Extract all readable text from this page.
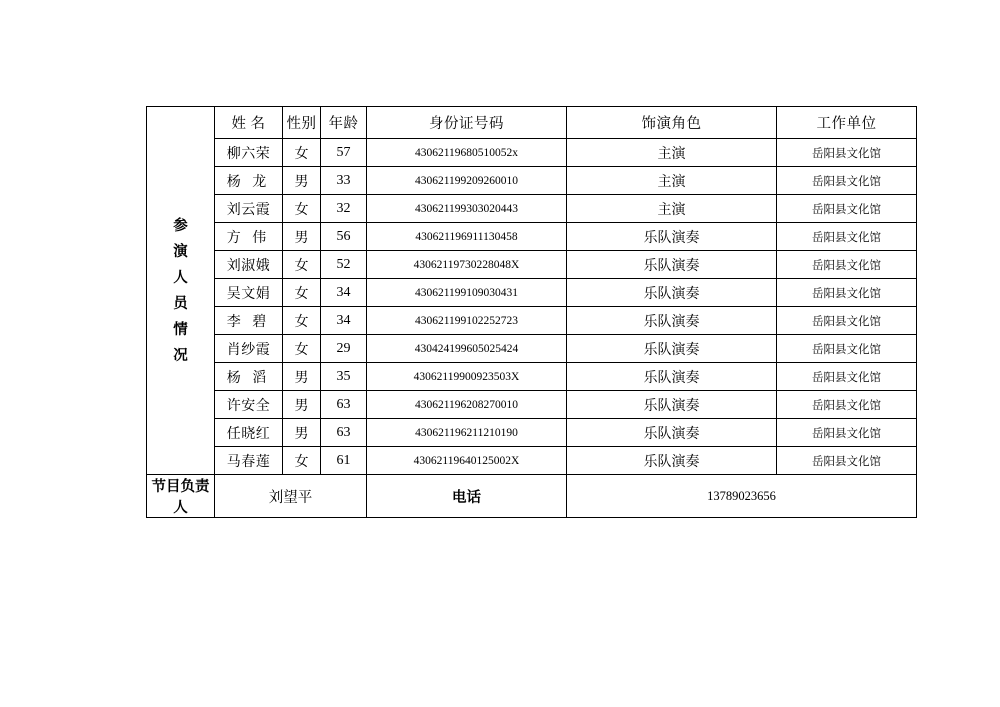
参
演
人
员
情
况
	姓 名	性别	年龄	身份证号码	饰演角色	工作单位
	柳六荣	女	57	43062119680510052x	主演	岳阳县文化馆
	杨 龙	男	33	430621199209260010	主演	岳阳县文化馆
	刘云霞	女	32	430621199303020443	主演	岳阳县文化馆
	方 伟	男	56	430621196911130458	乐队演奏	岳阳县文化馆
	刘淑娥	女	52	43062119730228048X	乐队演奏	岳阳县文化馆
	吴文娟	女	34	430621199109030431	乐队演奏	岳阳县文化馆
	李 碧	女	34	430621199102252723	乐队演奏	岳阳县文化馆
	肖纱霞	女	29	430424199605025424	乐队演奏	岳阳县文化馆
	杨 滔	男	35	43062119900923503X	乐队演奏	岳阳县文化馆
	许安全	男	63	430621196208270010	乐队演奏	岳阳县文化馆
	任晓红	男	63	430621196211210190	乐队演奏	岳阳县文化馆
	马春莲	女	61	43062119640125002X	乐队演奏	岳阳县文化馆
节目负责人	刘望平			电话	13789023656	
